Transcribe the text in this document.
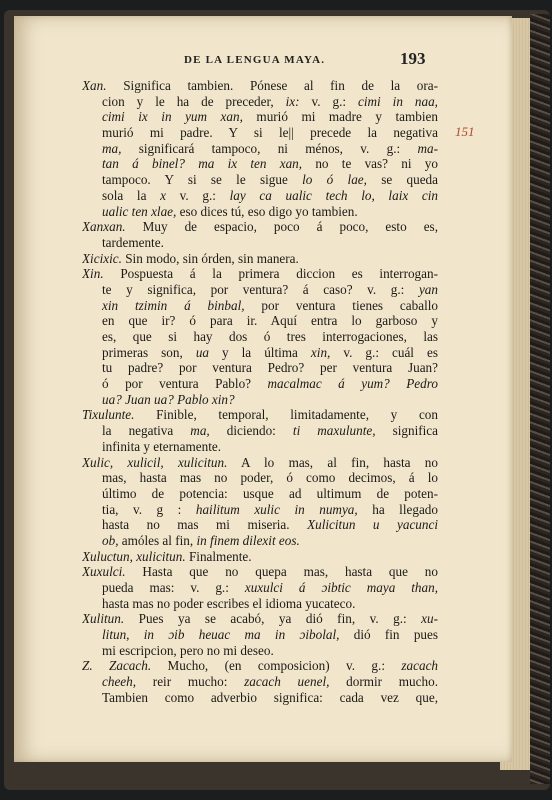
DE LA LENGUA MAYA.	193
151
Xan. Significa tambien. Pónese al fin de la ora-
cion y le ha de preceder, ix: v. g.: cimi in naa,
cimi ix in yum xan, murió mi madre y tambien
murió mi padre. Y si le|| precede la negativa
ma, significará tampoco, ni ménos, v. g.: ma-
tan á binel? ma ix ten xan, no te vas? ni yo
tampoco. Y si se le sigue lo ó lae, se queda
sola la x v. g.: lay ca ualic tech lo, laix cin
ualic ten xlae, eso dices tú, eso digo yo tambien.
Xanxan. Muy de espacio, poco á poco, esto es,
tardemente.
Xicixic. Sin modo, sin órden, sin manera.
Xin. Pospuesta á la primera diccion es interrogan-
te y significa, por ventura? á caso? v. g.: yan
xin tzimin á binbal, por ventura tienes caballo
en que ir? ó para ir. Aquí entra lo garboso y
es, que si hay dos ó tres interrogaciones, las
primeras son, ua y la última xin, v. g.: cuál es
tu padre? por ventura Pedro? per ventura Juan?
ó por ventura Pablo? macalmac á yum? Pedro
ua? Juan ua? Pablo xin?
Tixulunte. Finible, temporal, limitadamente, y con
la negativa ma, diciendo: ti maxulunte, significa
infinita y eternamente.
Xulic, xulicil, xulicitun. A lo mas, al fin, hasta no
mas, hasta mas no poder, ó como decimos, á lo
último de potencia: usque ad ultimum de poten-
tia, v. g : hailitum xulic in numya, ha llegado
hasta no mas mi miseria. Xulicitun u yacunci
ob, amóles al fin, in finem dilexit eos.
Xuluctun, xulicitun. Finalmente.
Xuxulci. Hasta que no quepa mas, hasta que no
pueda mas: v. g.: xuxulci á ɔibtic maya than,
hasta mas no poder escribes el idioma yucateco.
Xulitun. Pues ya se acabó, ya dió fin, v. g.: xu-
litun, in ɔib heuac ma in ɔibolal, dió fin pues
mi escripcion, pero no mi deseo.
Z. Zacach. Mucho, (en composicion) v. g.: zacach
cheeh, reir mucho: zacach uenel, dormir mucho.
Tambien como adverbio significa: cada vez que,
